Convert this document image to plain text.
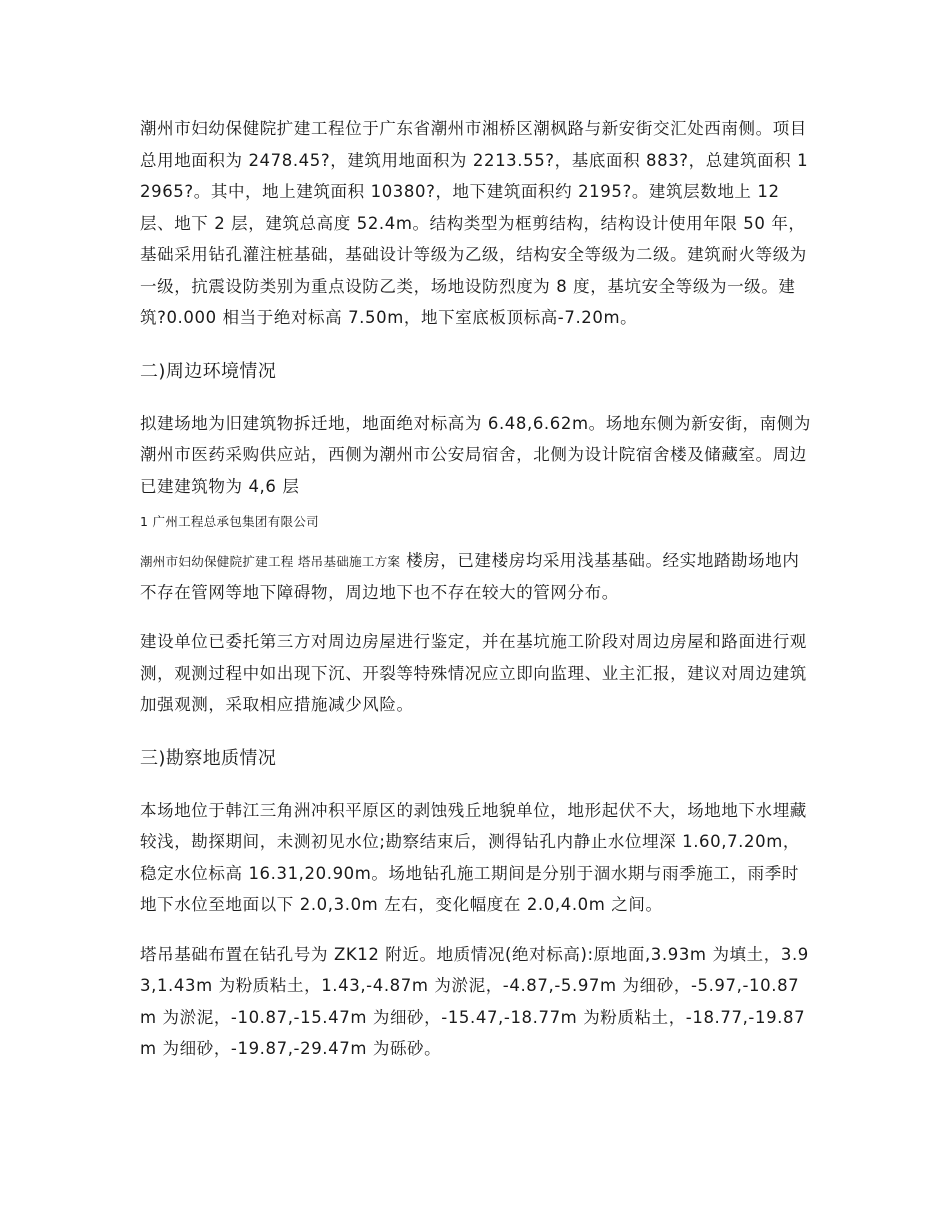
潮州市妇幼保健院扩建工程位于广东省潮州市湘桥区潮枫路与新安街交汇处西南侧。项目总用地面积为 2478.45?，建筑用地面积为 2213.55?，基底面积 883?，总建筑面积 12965?。其中，地上建筑面积 10380?，地下建筑面积约 2195?。建筑层数地上 12 层、地下 2 层，建筑总高度 52.4m。结构类型为框剪结构，结构设计使用年限 50 年，基础采用钻孔灌注桩基础，基础设计等级为乙级，结构安全等级为二级。建筑耐火等级为一级，抗震设防类别为重点设防乙类，场地设防烈度为 8 度，基坑安全等级为一级。建筑?0.000 相当于绝对标高 7.50m，地下室底板顶标高-7.20m。

二)周边环境情况

拟建场地为旧建筑物拆迁地，地面绝对标高为 6.48,6.62m。场地东侧为新安街，南侧为潮州市医药采购供应站，西侧为潮州市公安局宿舍，北侧为设计院宿舍楼及储藏室。周边已建建筑物为 4,6 层

1 广州工程总承包集团有限公司

潮州市妇幼保健院扩建工程 塔吊基础施工方案 楼房，已建楼房均采用浅基基础。经实地踏勘场地内不存在管网等地下障碍物，周边地下也不存在较大的管网分布。

建设单位已委托第三方对周边房屋进行鉴定，并在基坑施工阶段对周边房屋和路面进行观测，观测过程中如出现下沉、开裂等特殊情况应立即向监理、业主汇报，建议对周边建筑加强观测，采取相应措施减少风险。

三)勘察地质情况

本场地位于韩江三角洲冲积平原区的剥蚀残丘地貌单位，地形起伏不大，场地地下水埋藏较浅，勘探期间，未测初见水位;勘察结束后，测得钻孔内静止水位埋深 1.60,7.20m，稳定水位标高 16.31,20.90m。场地钻孔施工期间是分别于涸水期与雨季施工，雨季时地下水位至地面以下 2.0,3.0m 左右，变化幅度在 2.0,4.0m 之间。

塔吊基础布置在钻孔号为 ZK12 附近。地质情况(绝对标高):原地面,3.93m 为填土，3.93,1.43m 为粉质粘土，1.43,-4.87m 为淤泥，-4.87,-5.97m 为细砂，-5.97,-10.87m 为淤泥，-10.87,-15.47m 为细砂，-15.47,-18.77m 为粉质粘土，-18.77,-19.87m 为细砂，-19.87,-29.47m 为砾砂。
